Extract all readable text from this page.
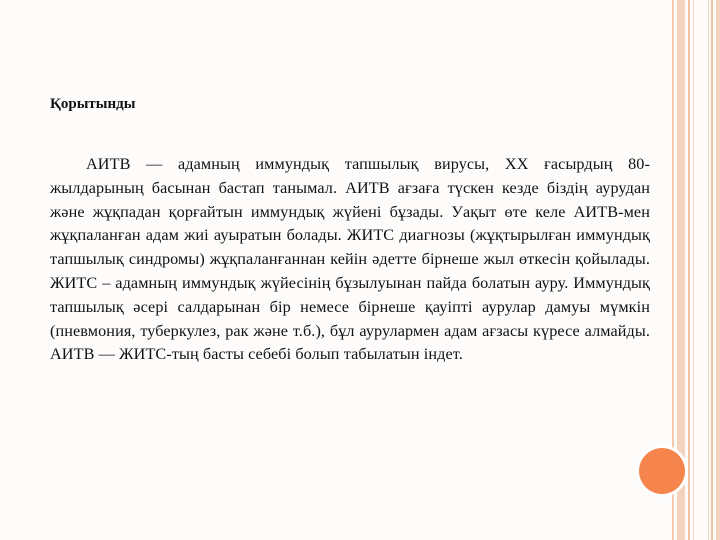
Қорытынды

АИТВ — адамның иммундық тапшылық вирусы, XX ғасырдың 80-жылдарының басынан бастап танымал. АИТВ ағзаға түскен кезде біздің аурудан және жұқпадан қорғайтын иммундық жүйені бұзады. Уақыт өте келе АИТВ-мен жұқпаланған адам жиі ауыратын болады. ЖИТС диагнозы (жұқтырылған иммундық тапшылық синдромы) жұқпаланғаннан кейін әдетте бірнеше жыл өткесін қойылады. ЖИТС – адамның иммундық жүйесінің бұзылуынан пайда болатын ауру. Иммундық тапшылық әсері салдарынан бір немесе бірнеше қауіпті аурулар дамуы мүмкін (пневмония, туберкулез, рак және т.б.), бұл аурулармен адам ағзасы күресе алмайды. АИТВ — ЖИТС-тың басты себебі болып табылатын індет.
